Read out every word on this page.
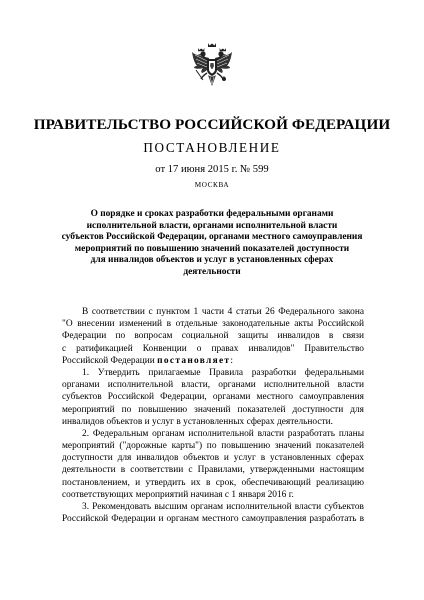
ПРАВИТЕЛЬСТВО РОССИЙСКОЙ ФЕДЕРАЦИИ
ПОСТАНОВЛЕНИЕ
от 17 июня 2015 г. № 599
МОСКВА
О порядке и сроках разработки федеральными органами
исполнительной власти, органами исполнительной власти
субъектов Российской Федерации, органами местного самоуправления
мероприятий по повышению значений показателей доступности
для инвалидов объектов и услуг в установленных сферах
деятельности
В соответствии с пунктом 1 части 4 статьи 26 Федерального закона
"О внесении изменений в отдельные законодательные акты Российской
Федерации по вопросам социальной защиты инвалидов в связи
с ратификацией Конвенции о правах инвалидов" Правительство
Российской Федерации постановляет:
1. Утвердить прилагаемые Правила разработки федеральными
органами исполнительной власти, органами исполнительной власти
субъектов Российской Федерации, органами местного самоуправления
мероприятий по повышению значений показателей доступности для
инвалидов объектов и услуг в установленных сферах деятельности.
2. Федеральным органам исполнительной власти разработать планы
мероприятий ("дорожные карты") по повышению значений показателей
доступности для инвалидов объектов и услуг в установленных сферах
деятельности в соответствии с Правилами, утвержденными настоящим
постановлением, и утвердить их в срок, обеспечивающий реализацию
соответствующих мероприятий начиная с 1 января 2016 г.
3. Рекомендовать высшим органам исполнительной власти субъектов
Российской Федерации и органам местного самоуправления разработать в
